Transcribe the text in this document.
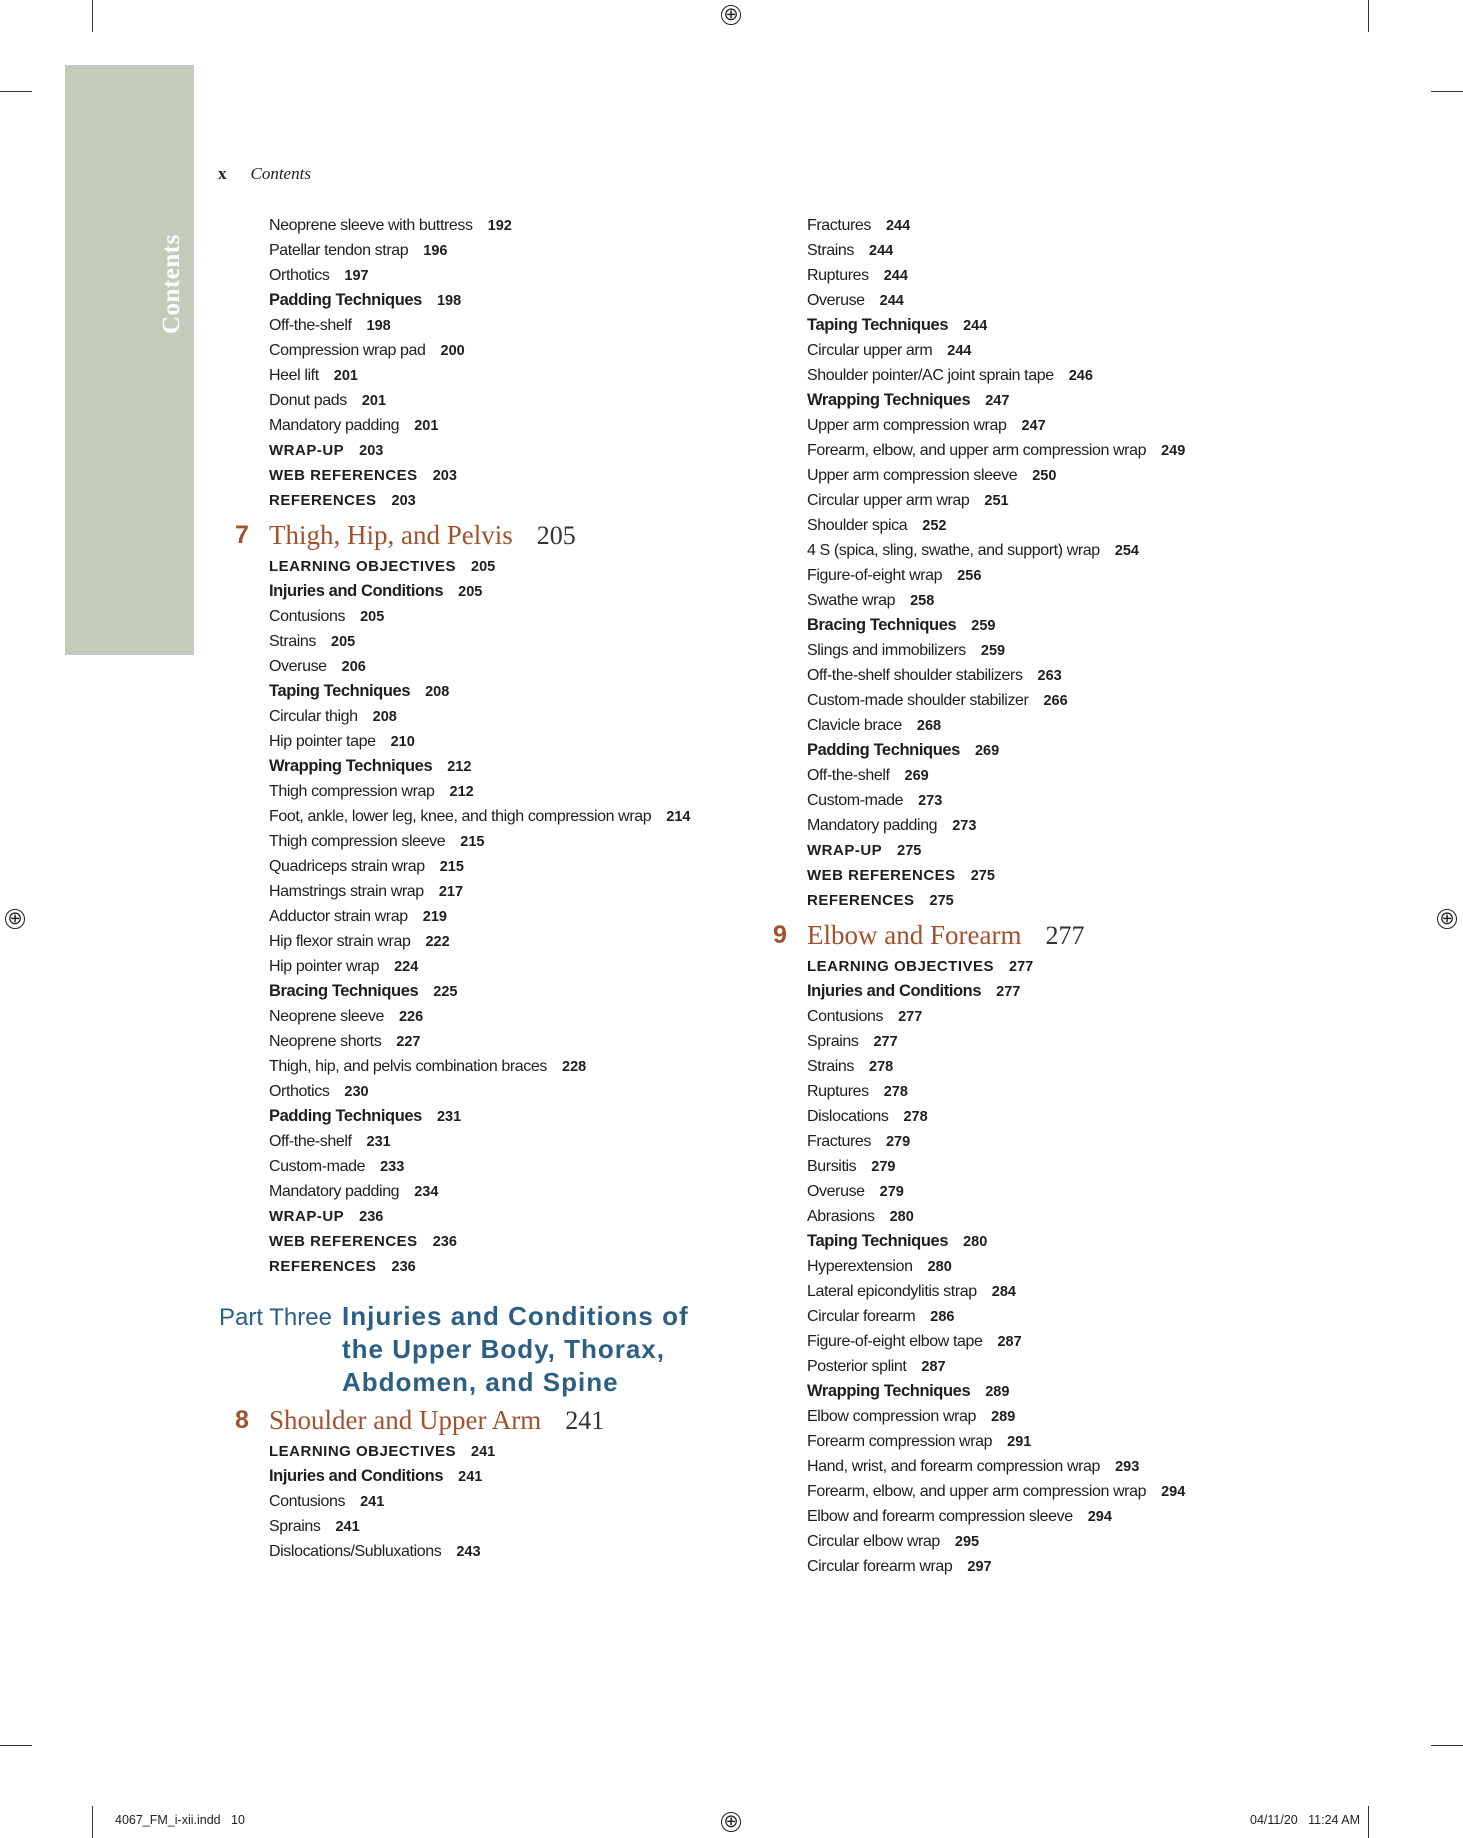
⊕
⊕	⊕
⊕
Contents
x Contents
Neoprene sleeve with buttress 192
Patellar tendon strap 196
Orthotics 197
Padding Techniques 198
Off-the-shelf 198
Compression wrap pad 200
Heel lift 201
Donut pads 201
Mandatory padding 201
WRAP-UP 203
WEB REFERENCES 203
REFERENCES 203
7 Thigh, Hip, and Pelvis 205
LEARNING OBJECTIVES 205
Injuries and Conditions 205
Contusions 205
Strains 205
Overuse 206
Taping Techniques 208
Circular thigh 208
Hip pointer tape 210
Wrapping Techniques 212
Thigh compression wrap 212
Foot, ankle, lower leg, knee, and thigh compression wrap 214
Thigh compression sleeve 215
Quadriceps strain wrap 215
Hamstrings strain wrap 217
Adductor strain wrap 219
Hip flexor strain wrap 222
Hip pointer wrap 224
Bracing Techniques 225
Neoprene sleeve 226
Neoprene shorts 227
Thigh, hip, and pelvis combination braces 228
Orthotics 230
Padding Techniques 231
Off-the-shelf 231
Custom-made 233
Mandatory padding 234
WRAP-UP 236
WEB REFERENCES 236
REFERENCES 236
Part Three Injuries and Conditions of
the Upper Body, Thorax,
Abdomen, and Spine
8 Shoulder and Upper Arm 241
LEARNING OBJECTIVES 241
Injuries and Conditions 241
Contusions 241
Sprains 241
Dislocations/Subluxations 243
Fractures 244
Strains 244
Ruptures 244
Overuse 244
Taping Techniques 244
Circular upper arm 244
Shoulder pointer/AC joint sprain tape 246
Wrapping Techniques 247
Upper arm compression wrap 247
Forearm, elbow, and upper arm compression wrap 249
Upper arm compression sleeve 250
Circular upper arm wrap 251
Shoulder spica 252
4 S (spica, sling, swathe, and support) wrap 254
Figure-of-eight wrap 256
Swathe wrap 258
Bracing Techniques 259
Slings and immobilizers 259
Off-the-shelf shoulder stabilizers 263
Custom-made shoulder stabilizer 266
Clavicle brace 268
Padding Techniques 269
Off-the-shelf 269
Custom-made 273
Mandatory padding 273
WRAP-UP 275
WEB REFERENCES 275
REFERENCES 275
9 Elbow and Forearm 277
LEARNING OBJECTIVES 277
Injuries and Conditions 277
Contusions 277
Sprains 277
Strains 278
Ruptures 278
Dislocations 278
Fractures 279
Bursitis 279
Overuse 279
Abrasions 280
Taping Techniques 280
Hyperextension 280
Lateral epicondylitis strap 284
Circular forearm 286
Figure-of-eight elbow tape 287
Posterior splint 287
Wrapping Techniques 289
Elbow compression wrap 289
Forearm compression wrap 291
Hand, wrist, and forearm compression wrap 293
Forearm, elbow, and upper arm compression wrap 294
Elbow and forearm compression sleeve 294
Circular elbow wrap 295
Circular forearm wrap 297
4067_FM_i-xii.indd   10	04/11/20   11:24 AM
